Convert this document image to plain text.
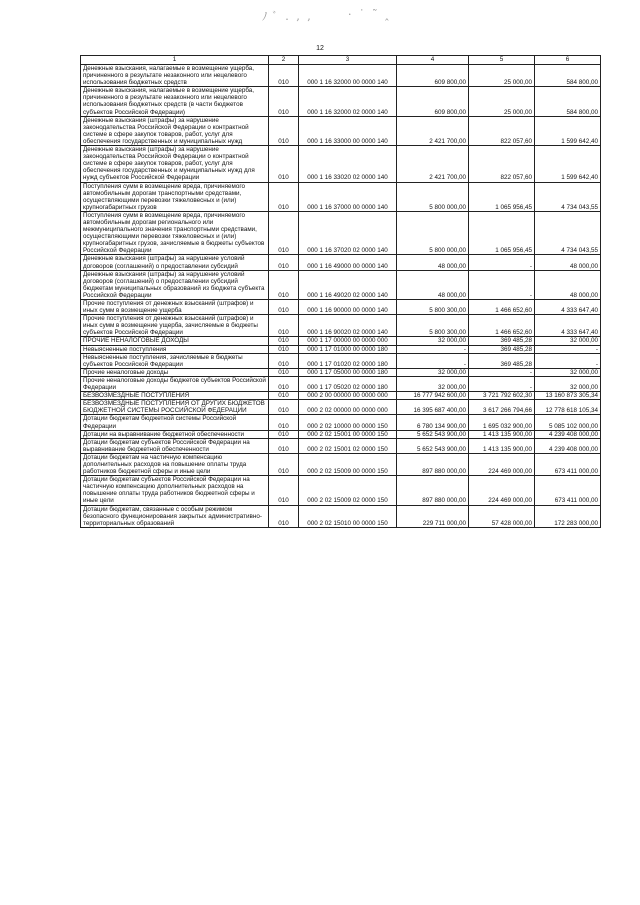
ﾉ ﾞ . ‚ ,	· ˙ ˜ ‸
12
1	2	3	4	5	6
Денежные взыскания, налагаемые в возмещение ущерба, причиненного в результате незаконного или нецелевого использования бюджетных средств	010	000 1 16 32000 00 0000 140	609 800,00	25 000,00	584 800,00
Денежные взыскания, налагаемые в возмещение ущерба, причиненного в результате незаконного или нецелевого использования бюджетных средств (в части бюджетов субъектов Российской Федерации)	010	000 1 16 32000 02 0000 140	609 800,00	25 000,00	584 800,00
Денежные взыскания (штрафы) за нарушение законодательства Российской Федерации о контрактной системе в сфере закупок товаров, работ, услуг для обеспечения государственных и муниципальных нужд	010	000 1 16 33000 00 0000 140	2 421 700,00	822 057,60	1 599 642,40
Денежные взыскания (штрафы) за нарушение законодательства Российской Федерации о контрактной системе в сфере закупок товаров, работ, услуг для обеспечения государственных и муниципальных нужд для нужд субъектов Российской Федерации	010	000 1 16 33020 02 0000 140	2 421 700,00	822 057,60	1 599 642,40
Поступления сумм в возмещение вреда, причиняемого автомобильным дорогам транспортными средствами, осуществляющими перевозки тяжеловесных и (или) крупногабаритных грузов	010	000 1 16 37000 00 0000 140	5 800 000,00	1 065 956,45	4 734 043,55
Поступления сумм в возмещение вреда, причиняемого автомобильным дорогам регионального или межмуниципального значения транспортными средствами, осуществляющими перевозки тяжеловесных и (или) крупногабаритных грузов, зачисляемые в бюджеты субъектов Российской Федерации	010	000 1 16 37020 02 0000 140	5 800 000,00	1 065 956,45	4 734 043,55
Денежные взыскания (штрафы) за нарушение условий договоров (соглашений) о предоставлении субсидий	010	000 1 16 49000 00 0000 140	48 000,00	-	48 000,00
Денежные взыскания (штрафы) за нарушение условий договоров (соглашений) о предоставлении субсидий бюджетам муниципальных образований из бюджета субъекта Российской Федерации	010	000 1 16 49020 02 0000 140	48 000,00	-	48 000,00
Прочие поступления от денежных взысканий (штрафов) и иных сумм в возмещение ущерба	010	000 1 16 90000 00 0000 140	5 800 300,00	1 466 652,60	4 333 647,40
Прочие поступления от денежных взысканий (штрафов) и иных сумм в возмещение ущерба, зачисляемые в бюджеты субъектов Российской Федерации	010	000 1 16 90020 02 0000 140	5 800 300,00	1 466 652,60	4 333 647,40
ПРОЧИЕ НЕНАЛОГОВЫЕ ДОХОДЫ	010	000 1 17 00000 00 0000 000	32 000,00	369 485,28	32 000,00
Невыясненные поступления	010	000 1 17 01000 00 0000 180	-	369 485,28	-
Невыясненные поступления, зачисляемые в бюджеты субъектов Российской Федерации	010	000 1 17 01020 02 0000 180	-	369 485,28	-
Прочие неналоговые доходы	010	000 1 17 05000 00 0000 180	32 000,00	-	32 000,00
Прочие неналоговые доходы бюджетов субъектов Российской Федерации	010	000 1 17 05020 02 0000 180	32 000,00	-	32 000,00
БЕЗВОЗМЕЗДНЫЕ ПОСТУПЛЕНИЯ	010	000 2 00 00000 00 0000 000	16 777 942 600,00	3 721 792 602,30	13 160 873 305,34
БЕЗВОЗМЕЗДНЫЕ ПОСТУПЛЕНИЯ ОТ ДРУГИХ БЮДЖЕТОВ БЮДЖЕТНОЙ СИСТЕМЫ РОССИЙСКОЙ ФЕДЕРАЦИИ	010	000 2 02 00000 00 0000 000	16 395 687 400,00	3 617 266 794,66	12 778 618 105,34
Дотации бюджетам бюджетной системы Российской Федерации	010	000 2 02 10000 00 0000 150	6 780 134 900,00	1 695 032 900,00	5 085 102 000,00
Дотации на выравнивание бюджетной обеспеченности	010	000 2 02 15001 00 0000 150	5 652 543 900,00	1 413 135 900,00	4 239 408 000,00
Дотации бюджетам субъектов Российской Федерации на выравнивание бюджетной обеспеченности	010	000 2 02 15001 02 0000 150	5 652 543 900,00	1 413 135 900,00	4 239 408 000,00
Дотации бюджетам на частичную компенсацию дополнительных расходов на повышение оплаты труда работников бюджетной сферы и иные цели	010	000 2 02 15009 00 0000 150	897 880 000,00	224 469 000,00	673 411 000,00
Дотации бюджетам субъектов Российской Федерации на частичную компенсацию дополнительных расходов на повышение оплаты труда работников бюджетной сферы и иные цели	010	000 2 02 15009 02 0000 150	897 880 000,00	224 469 000,00	673 411 000,00
Дотации бюджетам, связанные с особым режимом безопасного функционирования закрытых административно-территориальных образований	010	000 2 02 15010 00 0000 150	229 711 000,00	57 428 000,00	172 283 000,00
